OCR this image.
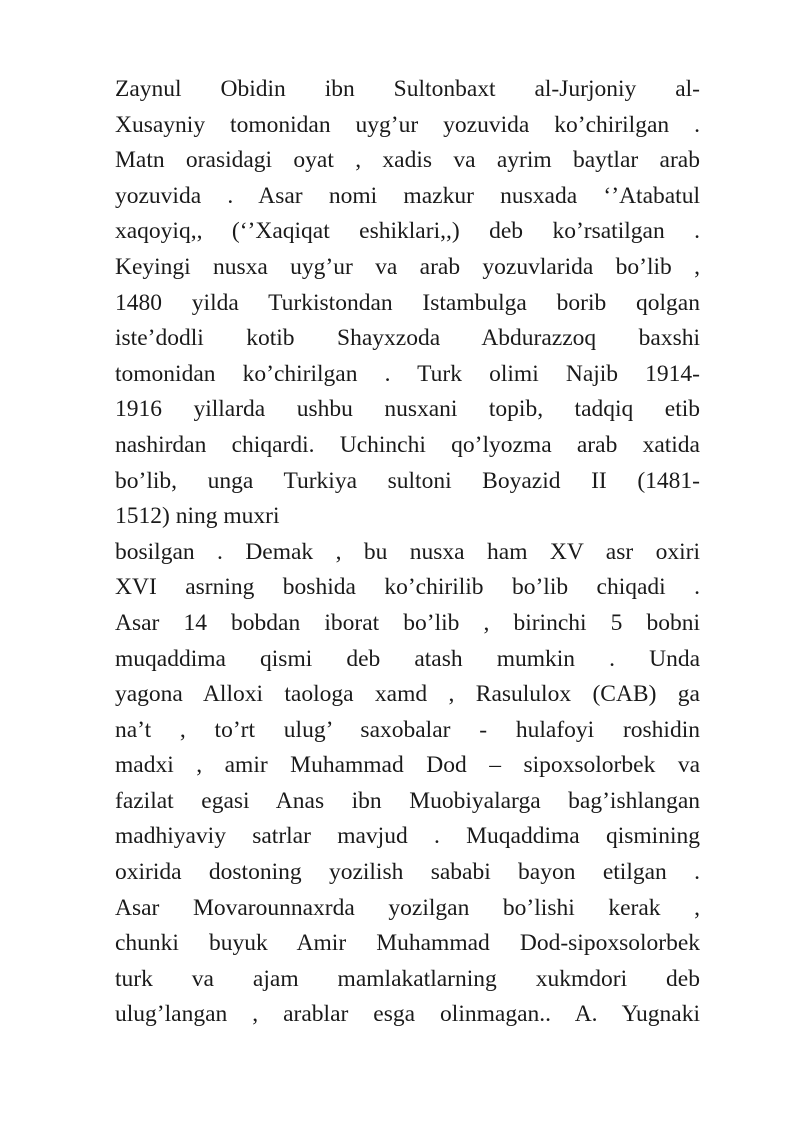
Zaynul Obidin ibn Sultonbaxt al-Jurjoniy al-
Xusayniy tomonidan uyg’ur yozuvida ko’chirilgan .
Matn orasidagi oyat , xadis va ayrim baytlar arab
yozuvida . Asar nomi mazkur nusxada ‘’Atabatul
xaqoyiq,, (‘’Xaqiqat eshiklari,,) deb ko’rsatilgan .
Keyingi nusxa uyg’ur va arab yozuvlarida bo’lib ,
1480 yilda Turkistondan Istambulga borib qolgan
iste’dodli kotib Shayxzoda Abdurazzoq baxshi
tomonidan ko’chirilgan . Turk olimi Najib 1914-
1916 yillarda ushbu nusxani topib, tadqiq etib
nashirdan chiqardi. Uchinchi qo’lyozma arab xatida
bo’lib, unga Turkiya sultoni Boyazid II (1481-
1512) ning muxri
bosilgan . Demak , bu nusxa ham XV asr oxiri
XVI asrning boshida ko’chirilib bo’lib chiqadi .
Asar 14 bobdan iborat bo’lib , birinchi 5 bobni
muqaddima qismi deb atash mumkin . Unda
yagona Alloxi taologa xamd , Rasululox (CAB) ga
na’t , to’rt ulug’ saxobalar - hulafoyi roshidin
madxi , amir Muhammad Dod – sipoxsolorbek va
fazilat egasi Anas ibn Muobiyalarga bag’ishlangan
madhiyaviy satrlar mavjud . Muqaddima qismining
oxirida dostoning yozilish sababi bayon etilgan .
Asar Movarounnaxrda yozilgan bo’lishi kerak ,
chunki buyuk Amir Muhammad Dod-sipoxsolorbek
turk va ajam mamlakatlarning xukmdori deb
ulug’langan , arablar esga olinmagan.. A. Yugnaki
